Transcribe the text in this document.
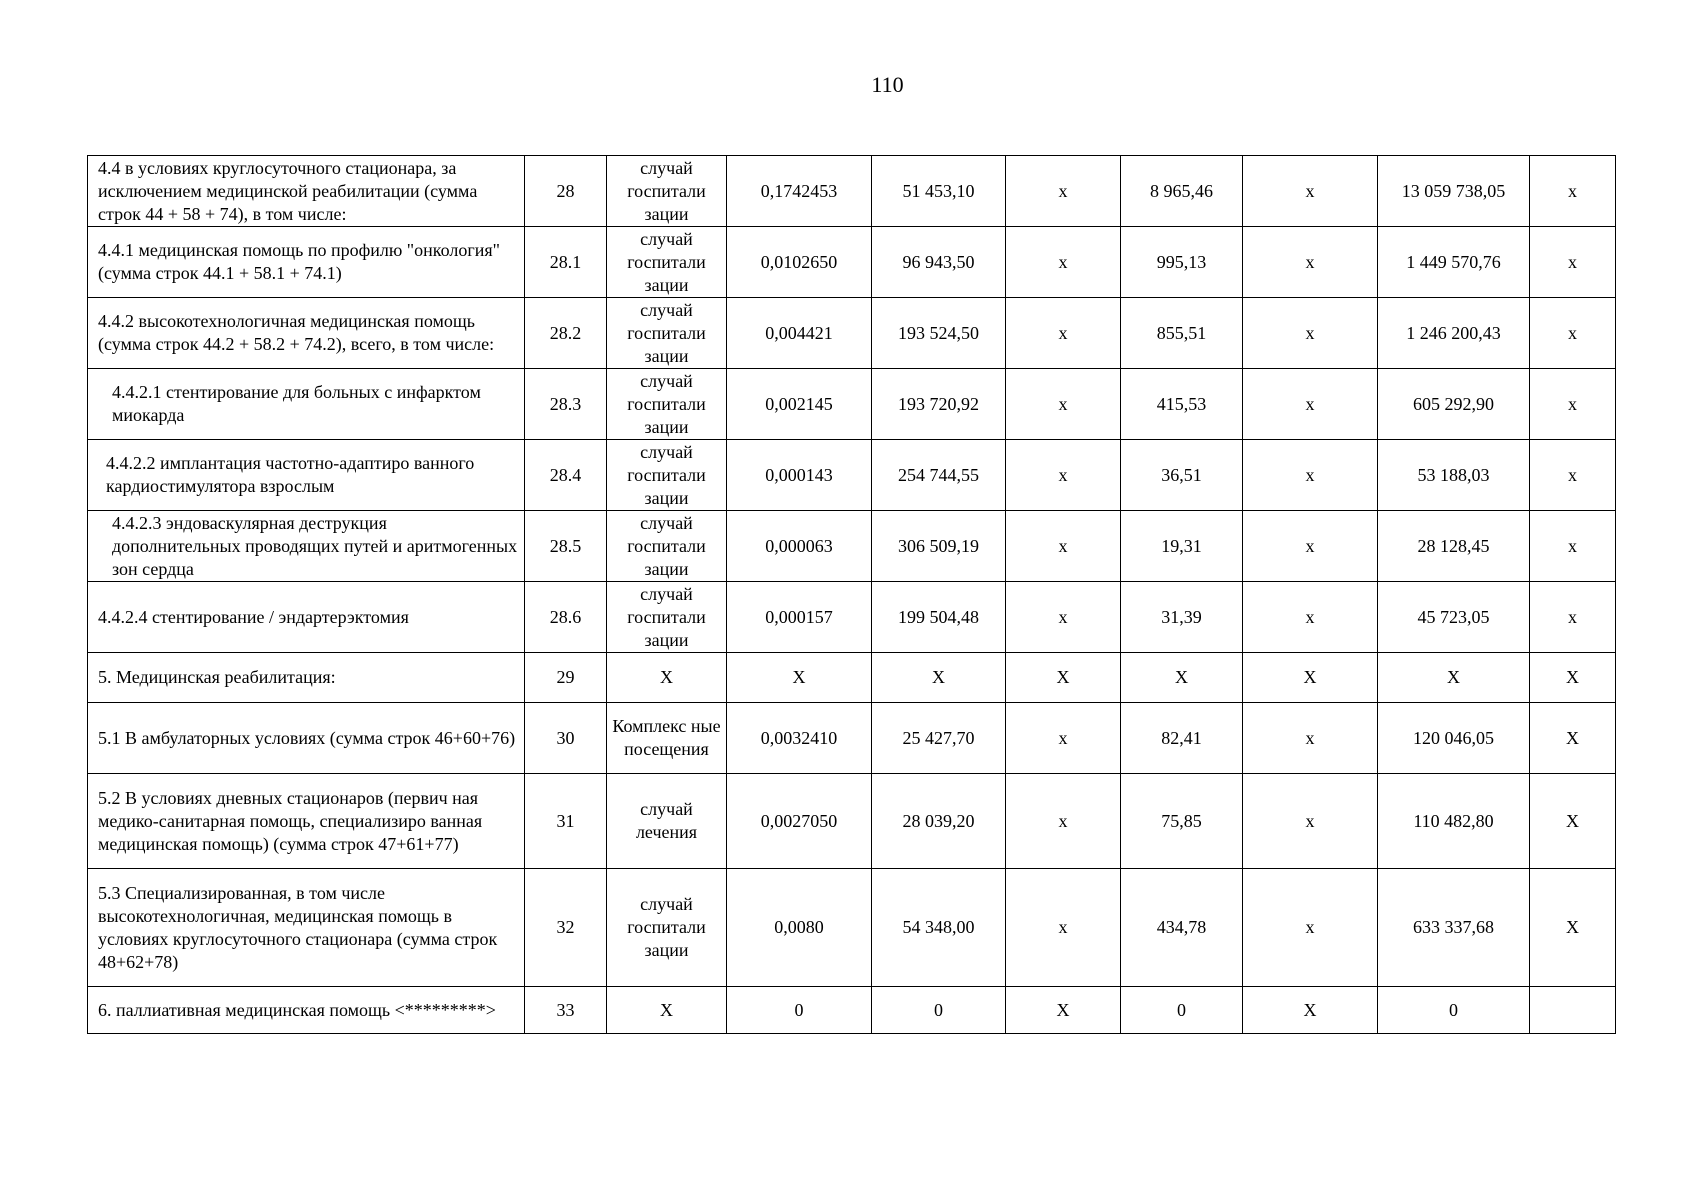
110
4.4 в условиях круглосуточного стационара, за исключением медицинской реабилитации (сумма строк 44 + 58 + 74), в том числе:	28	случай госпитали зации	0,1742453	51 453,10	х	8 965,46	х	13 059 738,05	х
4.4.1 медицинская помощь по профилю "онкология" (сумма строк 44.1 + 58.1 + 74.1)	28.1	случай госпитали зации	0,0102650	96 943,50	х	995,13	х	1 449 570,76	х
4.4.2 высокотехнологичная медицинская помощь (сумма строк 44.2 + 58.2 + 74.2), всего, в том числе:	28.2	случай госпитали зации	0,004421	193 524,50	х	855,51	х	1 246 200,43	х
4.4.2.1 стентирование для больных с инфарктом миокарда	28.3	случай госпитали зации	0,002145	193 720,92	х	415,53	х	605 292,90	х
4.4.2.2 имплантация частотно-адаптиро ванного кардиостимулятора взрослым	28.4	случай госпитали зации	0,000143	254 744,55	х	36,51	х	53 188,03	х
4.4.2.3 эндоваскулярная деструкция дополнительных проводящих путей и аритмогенных зон сердца	28.5	случай госпитали зации	0,000063	306 509,19	х	19,31	х	28 128,45	х
4.4.2.4 стентирование / эндартерэктомия	28.6	случай госпитали зации	0,000157	199 504,48	х	31,39	х	45 723,05	х
5. Медицинская реабилитация:	29	X	X	X	X	X	X	X	X
5.1 В амбулаторных условиях (сумма строк 46+60+76)	30	Комплекс ные посещения	0,0032410	25 427,70	х	82,41	х	120 046,05	X
5.2 В условиях дневных стационаров (первич ная медико-санитарная помощь, специализиро ванная медицинская помощь) (сумма строк 47+61+77)	31	случай лечения	0,0027050	28 039,20	х	75,85	х	110 482,80	X
5.3 Специализированная, в том числе высокотехнологичная, медицинская помощь в условиях круглосуточного стационара (сумма строк 48+62+78)	32	случай госпитали зации	0,0080	54 348,00	х	434,78	х	633 337,68	X
6. паллиативная медицинская помощь <*********>	33	X	0	0	X	0	X	0	
